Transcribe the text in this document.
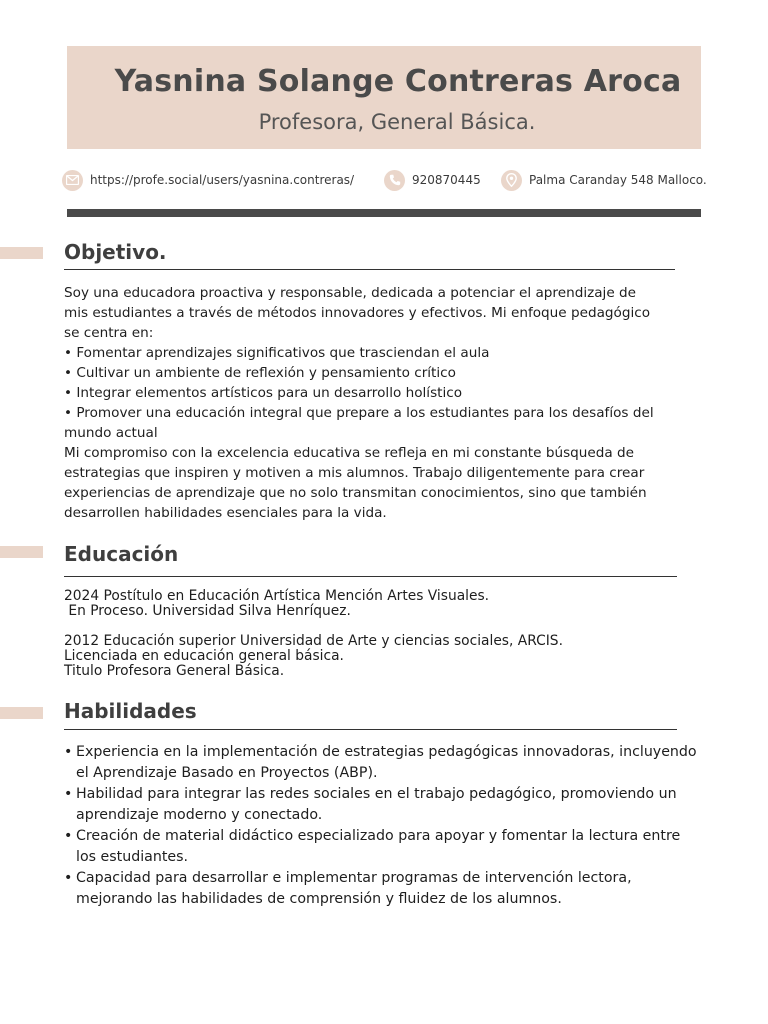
Yasnina Solange Contreras Aroca
Profesora, General Básica.
https://profe.social/users/yasnina.contreras/	920870445	Palma Caranday 548 Malloco.
Objetivo.
Soy una educadora proactiva y responsable, dedicada a potenciar el aprendizaje de
mis estudiantes a través de métodos innovadores y efectivos. Mi enfoque pedagógico
se centra en:
• Fomentar aprendizajes significativos que trasciendan el aula
• Cultivar un ambiente de reflexión y pensamiento crítico
• Integrar elementos artísticos para un desarrollo holístico
• Promover una educación integral que prepare a los estudiantes para los desafíos del
mundo actual
Mi compromiso con la excelencia educativa se refleja en mi constante búsqueda de
estrategias que inspiren y motiven a mis alumnos. Trabajo diligentemente para crear
experiencias de aprendizaje que no solo transmitan conocimientos, sino que también
desarrollen habilidades esenciales para la vida.
Educación
2024 Postítulo en Educación Artística Mención Artes Visuales.
En Proceso. Universidad Silva Henríquez.
2012 Educación superior Universidad de Arte y ciencias sociales, ARCIS.
Licenciada en educación general básica.
Titulo Profesora General Básica.
Habilidades
• Experiencia en la implementación de estrategias pedagógicas innovadoras, incluyendo
el Aprendizaje Basado en Proyectos (ABP).
• Habilidad para integrar las redes sociales en el trabajo pedagógico, promoviendo un
aprendizaje moderno y conectado.
• Creación de material didáctico especializado para apoyar y fomentar la lectura entre
los estudiantes.
• Capacidad para desarrollar e implementar programas de intervención lectora,
mejorando las habilidades de comprensión y fluidez de los alumnos.
